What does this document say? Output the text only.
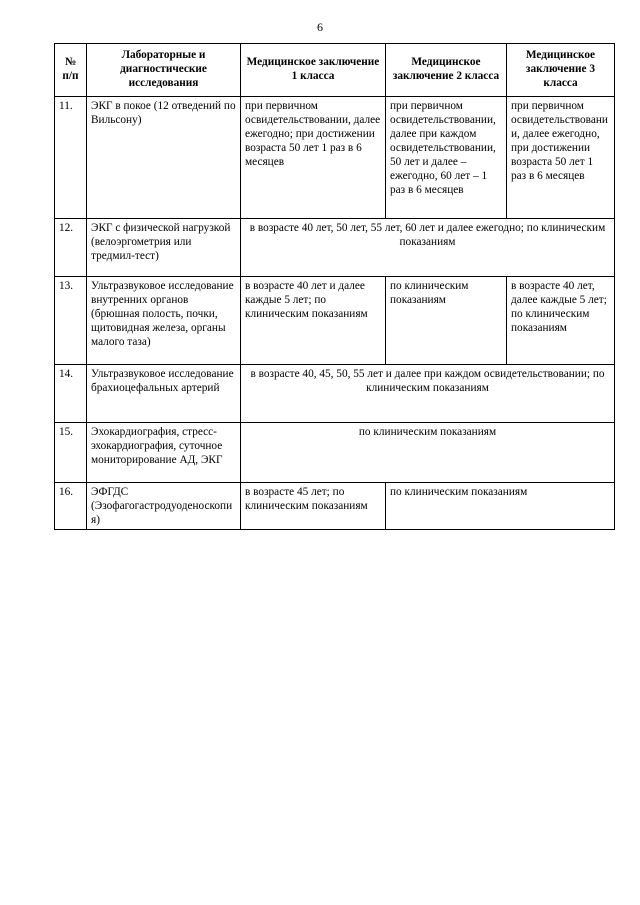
6
№ п/п	Лабораторные и диагностические исследования	Медицинское заключение 1 класса	Медицинское заключение 2 класса	Медицинское заключение 3 класса
11.	ЭКГ в покое (12 отведений по Вильсону)	при первичном освидетельствовании, далее ежегодно; при достижении возраста 50 лет 1 раз в 6 месяцев	при первичном освидетельствовании, далее при каждом освидетельствовании, 50 лет и далее – ежегодно, 60 лет – 1 раз в 6 месяцев	при первичном освидетельствовании, далее ежегодно, при достижении возраста 50 лет 1 раз в 6 месяцев
12.	ЭКГ с физической нагрузкой (велоэргометрия или тредмил-тест)	в возрасте 40 лет, 50 лет, 55 лет, 60 лет и далее ежегодно; по клиническим показаниям		
13.	Ультразвуковое исследование внутренних органов (брюшная полость, почки, щитовидная железа, органы малого таза)	в возрасте 40 лет и далее каждые 5 лет; по клиническим показаниям	по клиническим показаниям	в возрасте 40 лет, далее каждые 5 лет; по клиническим показаниям
14.	Ультразвуковое исследование брахиоцефальных артерий	в возрасте 40, 45, 50, 55 лет и далее при каждом освидетельствовании; по клиническим показаниям		
15.	Эхокардиография, стресс-эхокардиография, суточное мониторирование АД, ЭКГ	по клиническим показаниям		
16.	ЭФГДС (Эзофагогастродуоденоскопия)	в возрасте 45 лет; по клиническим показаниям	по клиническим показаниям	
